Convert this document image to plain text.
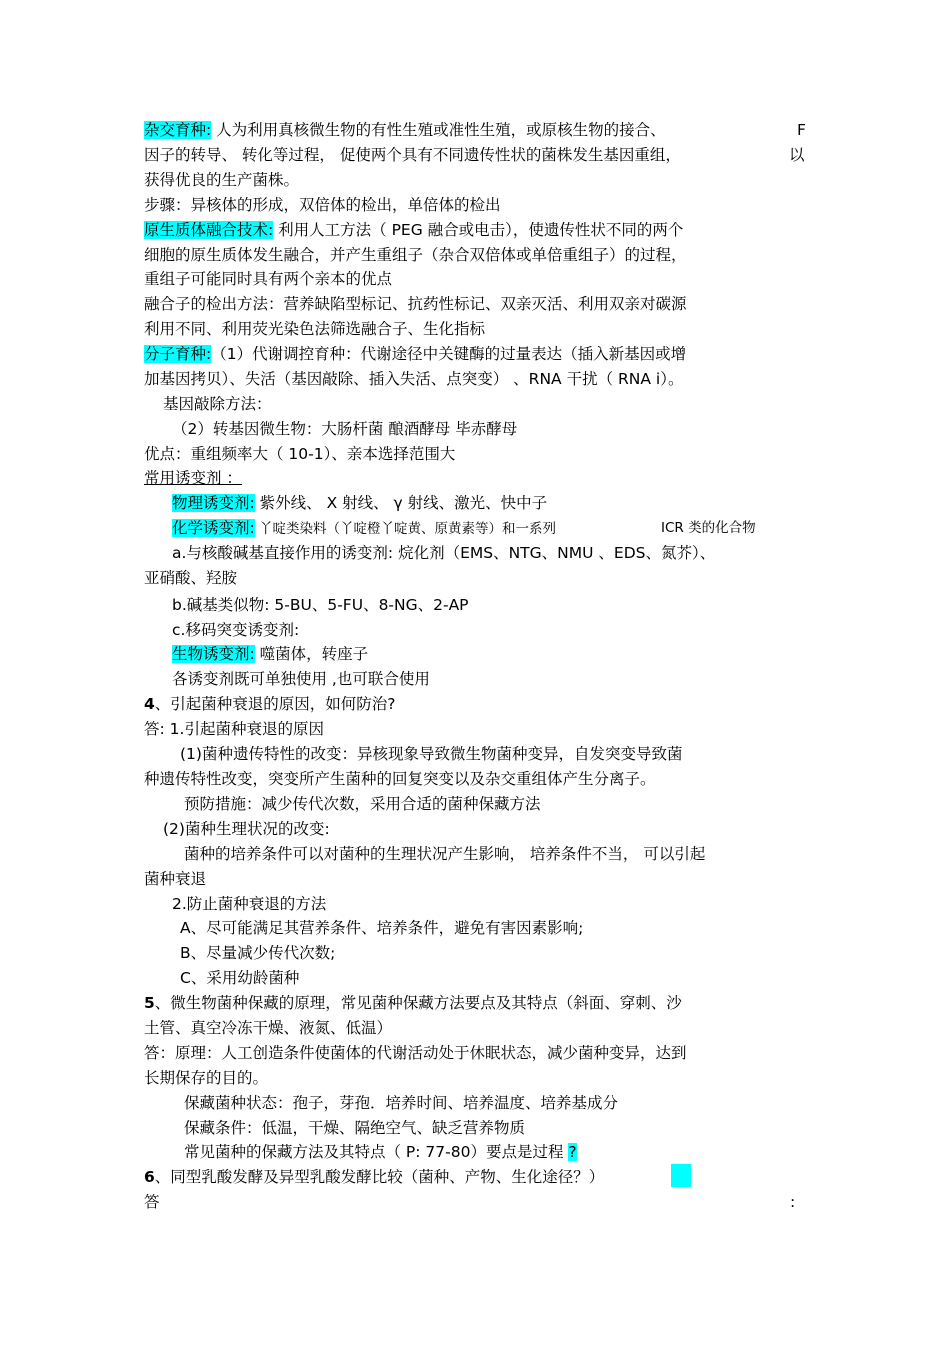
杂交育种: 人为利用真核微生物的有性生殖或准性生殖，或原核生物的接合、	F
因子的转导、 转化等过程， 促使两个具有不同遗传性状的菌株发生基因重组，	以
获得优良的生产菌株。
步骤：异核体的形成，双倍体的检出，单倍体的检出
原生质体融合技术: 利用人工方法（ PEG 融合或电击），使遗传性状不同的两个
细胞的原生质体发生融合，并产生重组子（杂合双倍体或单倍重组子）的过程，
重组子可能同时具有两个亲本的优点
融合子的检出方法：营养缺陷型标记、抗药性标记、双亲灭活、利用双亲对碳源
利用不同、利用荧光染色法筛选融合子、生化指标
分子育种:（1）代谢调控育种：代谢途径中关键酶的过量表达（插入新基因或增
加基因拷贝）、失活（基因敲除、插入失活、点突变） 、RNA 干扰（ RNA i）。
基因敲除方法：
（2）转基因微生物：大肠杆菌 酿酒酵母 毕赤酵母
优点：重组频率大（ 10-1）、亲本选择范围大
常用诱变剂 ：
物理诱变剂: 紫外线、 X 射线、 γ 射线、激光、快中子
化学诱变剂: 丫啶类染料（丫啶橙丫啶黄、原黄素等）和一系列	ICR 类的化合物
a.与核酸碱基直接作用的诱变剂: 烷化剂（EMS、NTG、NMU 、EDS、氮芥）、
亚硝酸、羟胺
b.碱基类似物: 5-BU、5-FU、8-NG、2-AP
c.移码突变诱变剂:
生物诱变剂: 噬菌体，转座子
各诱变剂既可单独使用 ,也可联合使用
4、引起菌种衰退的原因，如何防治?
答: 1.引起菌种衰退的原因
(1)菌种遗传特性的改变：异核现象导致微生物菌种变异，自发突变导致菌
种遗传特性改变，突变所产生菌种的回复突变以及杂交重组体产生分离子。
预防措施：减少传代次数，采用合适的菌种保藏方法
(2)菌种生理状况的改变:
菌种的培养条件可以对菌种的生理状况产生影响， 培养条件不当， 可以引起
菌种衰退
2.防止菌种衰退的方法
A、尽可能满足其营养条件、培养条件，避免有害因素影响;
B、尽量减少传代次数;
C、采用幼龄菌种
5、微生物菌种保藏的原理，常见菌种保藏方法要点及其特点（斜面、穿刺、沙
土管、真空冷冻干燥、液氮、低温）
答：原理：人工创造条件使菌体的代谢活动处于休眠状态，减少菌种变异，达到
长期保存的目的。
保藏菌种状态：孢子，芽孢．培养时间、培养温度、培养基成分
保藏条件：低温，干燥、隔绝空气、缺乏营养物质
常见菌种的保藏方法及其特点（ P: 77-80）要点是过程 ?
6、同型乳酸发酵及异型乳酸发酵比较（菌种、产物、生化途径？）
答	:
